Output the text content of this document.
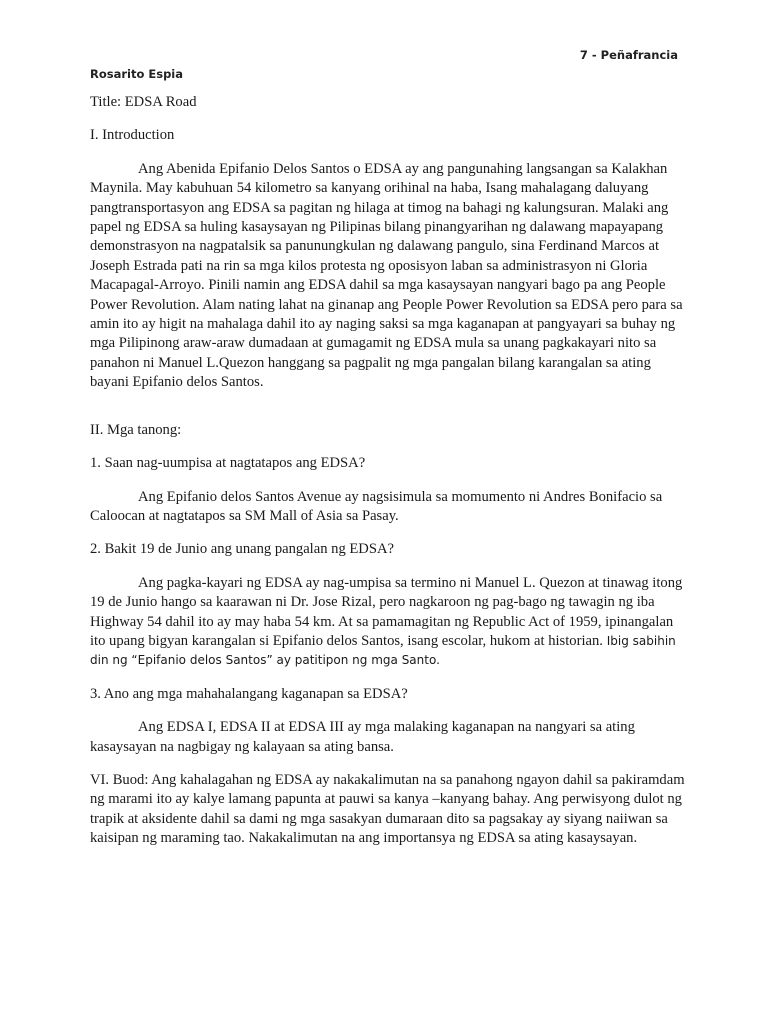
7 - Peñafrancia
Rosarito Espia

Title: EDSA Road

I. Introduction

Ang Abenida Epifanio Delos Santos o EDSA ay ang pangunahing langsangan sa Kalakhan Maynila. May kabuhuan 54 kilometro sa kanyang orihinal na haba, Isang mahalagang daluyang pangtransportasyon ang EDSA sa pagitan ng hilaga at timog na bahagi ng kalungsuran. Malaki ang papel ng EDSA sa huling kasaysayan ng Pilipinas bilang pinangyarihan ng dalawang mapayapang demonstrasyon na nagpatalsik sa panunungkulan ng dalawang pangulo, sina Ferdinand Marcos at Joseph Estrada pati na rin sa mga kilos protesta ng oposisyon laban sa administrasyon ni Gloria Macapagal-Arroyo. Pinili namin ang EDSA dahil sa mga kasaysayan nangyari bago pa ang People Power Revolution. Alam nating lahat na ginanap ang People Power Revolution sa EDSA pero para sa amin ito ay higit na mahalaga dahil ito ay naging saksi sa mga kaganapan at pangyayari sa buhay ng mga Pilipinong araw-araw dumadaan at gumagamit ng EDSA mula sa unang pagkakayari nito sa panahon ni Manuel L.Quezon hanggang sa pagpalit ng mga pangalan bilang karangalan sa ating bayani Epifanio delos Santos.

II. Mga tanong:

1. Saan nag-uumpisa at nagtatapos ang EDSA?

Ang Epifanio delos Santos Avenue ay nagsisimula sa momumento ni Andres Bonifacio sa Caloocan at nagtatapos sa SM Mall of Asia sa Pasay.

2. Bakit 19 de Junio ang unang pangalan ng EDSA?

Ang pagka-kayari ng EDSA ay nag-umpisa sa termino ni Manuel L. Quezon at tinawag itong 19 de Junio hango sa kaarawan ni Dr. Jose Rizal, pero nagkaroon ng pag-bago ng tawagin ng iba Highway 54 dahil ito ay may haba 54 km. At sa pamamagitan ng Republic Act of 1959, ipinangalan ito upang bigyan karangalan si Epifanio delos Santos, isang escolar, hukom at historian. Ibig sabihin din ng “Epifanio delos Santos” ay patitipon ng mga Santo.

3. Ano ang mga mahahalangang kaganapan sa EDSA?

Ang EDSA I, EDSA II at EDSA III ay mga malaking kaganapan na nangyari sa ating kasaysayan na nagbigay ng kalayaan sa ating bansa.

VI. Buod: Ang kahalagahan ng EDSA ay nakakalimutan na sa panahong ngayon dahil sa pakiramdam ng marami ito ay kalye lamang papunta at pauwi sa kanya –kanyang bahay. Ang perwisyong dulot ng trapik at aksidente dahil sa dami ng mga sasakyan dumaraan dito sa pagsakay ay siyang naiiwan sa kaisipan ng maraming tao. Nakakalimutan na ang importansya ng EDSA sa ating kasaysayan.
